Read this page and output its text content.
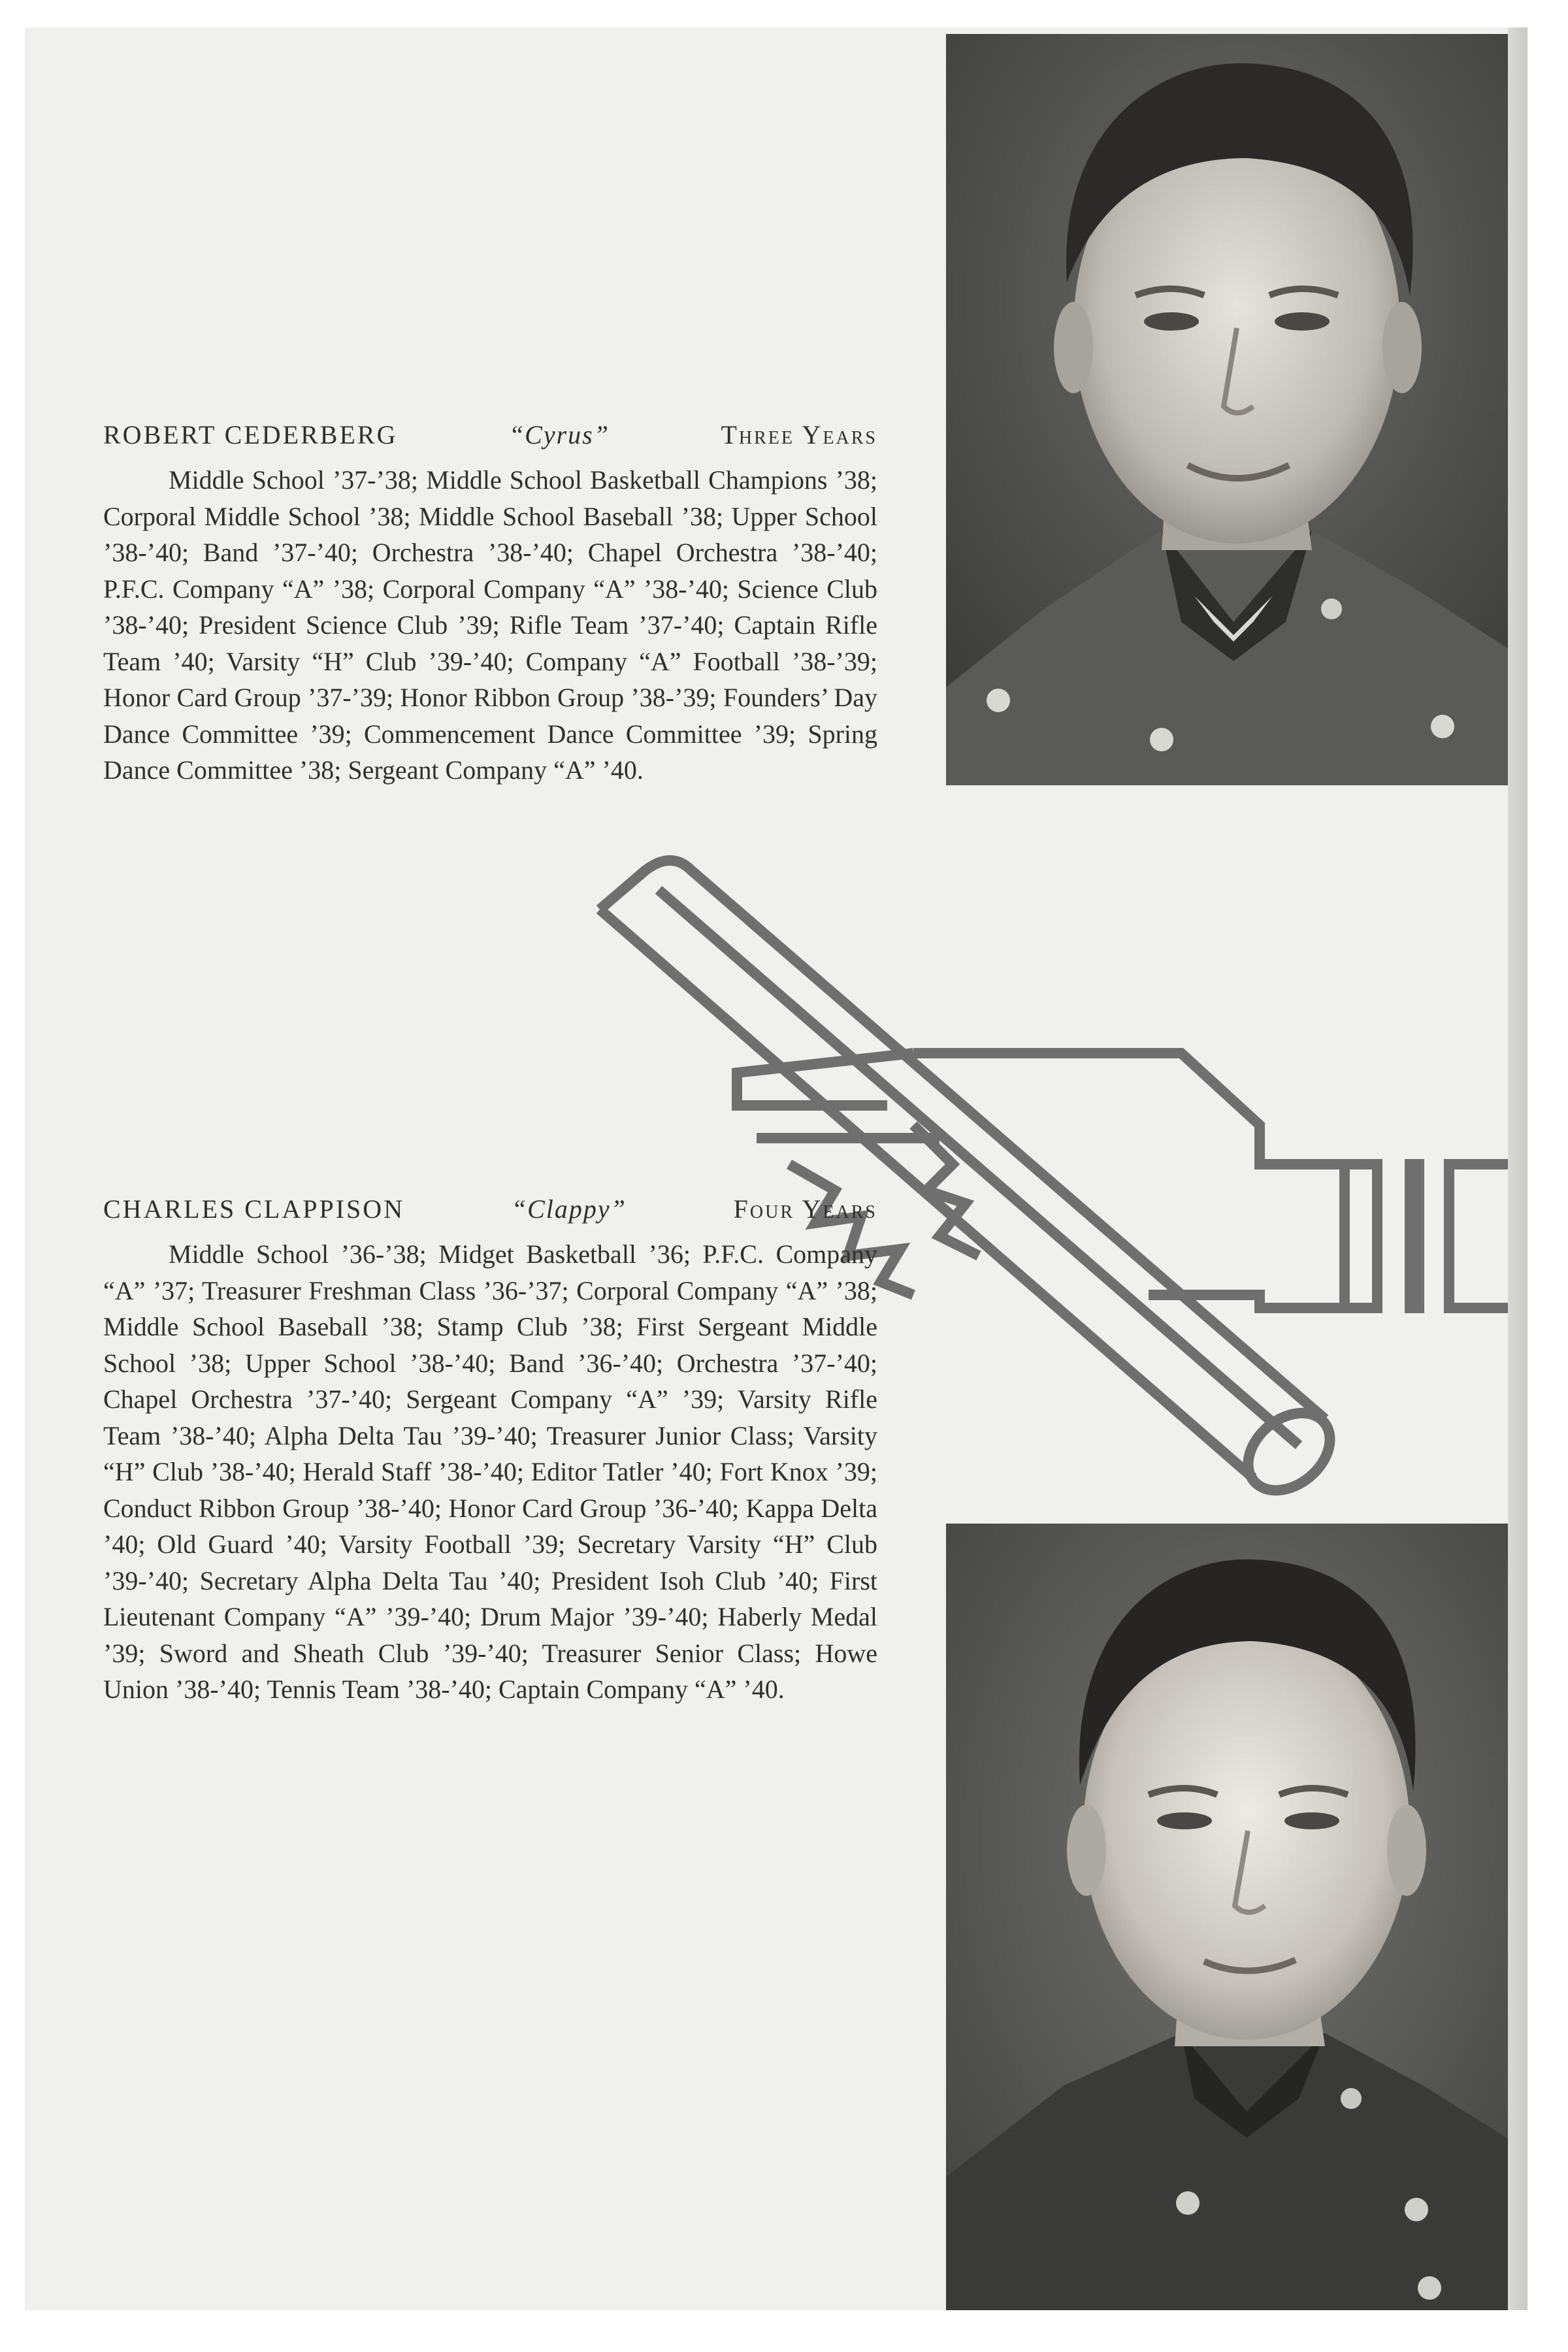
ROBERT CEDERBERG	“Cyrus”	Three Years

Middle School ’37-’38; Middle School Basketball Champions ’38; Corporal Middle School ’38; Middle School Baseball ’38; Upper School ’38-’40; Band ’37-’40; Orchestra ’38-’40; Chapel Orchestra ’38-’40; P.F.C. Company “A” ’38; Corporal Company “A” ’38-’40; Science Club ’38-’40; President Science Club ’39; Rifle Team ’37-’40; Captain Rifle Team ’40; Varsity “H” Club ’39-’40; Company “A” Football ’38-’39; Honor Card Group ’37-’39; Honor Ribbon Group ’38-’39; Founders’ Day Dance Committee ’39; Commencement Dance Committee ’39; Spring Dance Committee ’38; Sergeant Company “A” ’40.

CHARLES CLAPPISON	“Clappy”	Four Years

Middle School ’36-’38; Midget Basketball ’36; P.F.C. Company “A” ’37; Treasurer Freshman Class ’36-’37; Corporal Company “A” ’38; Middle School Baseball ’38; Stamp Club ’38; First Sergeant Middle School ’38; Upper School ’38-’40; Band ’36-’40; Orchestra ’37-’40; Chapel Orchestra ’37-’40; Sergeant Company “A” ’39; Varsity Rifle Team ’38-’40; Alpha Delta Tau ’39-’40; Treasurer Junior Class; Varsity “H” Club ’38-’40; Herald Staff ’38-’40; Editor Tatler ’40; Fort Knox ’39; Conduct Ribbon Group ’38-’40; Honor Card Group ’36-’40; Kappa Delta ’40; Old Guard ’40; Varsity Football ’39; Secretary Varsity “H” Club ’39-’40; Secretary Alpha Delta Tau ’40; President Isoh Club ’40; First Lieutenant Company “A” ’39-’40; Drum Major ’39-’40; Haberly Medal ’39; Sword and Sheath Club ’39-’40; Treasurer Senior Class; Howe Union ’38-’40; Tennis Team ’38-’40; Captain Company “A” ’40.
